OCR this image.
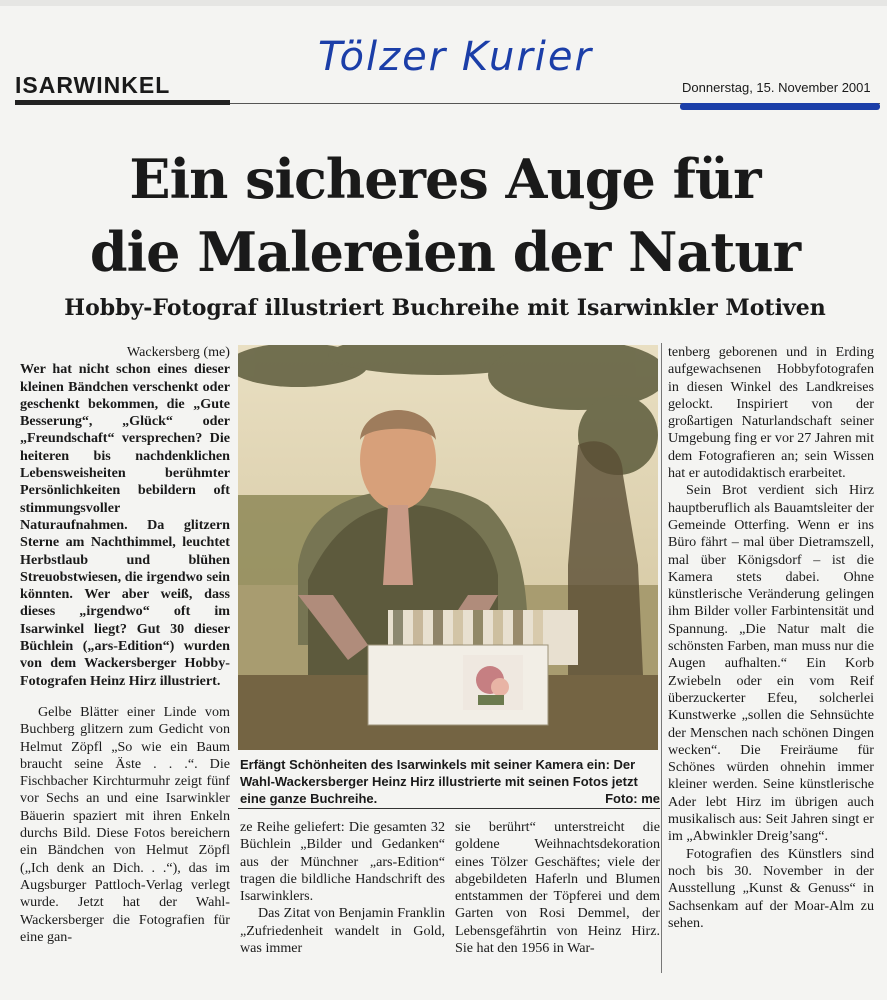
ISARWINKEL
Tölzer Kurier
Donnerstag, 15. November 2001
Ein sicheres Auge für
die Malereien der Natur
Hobby-Fotograf illustriert Buchreihe mit Isarwinkler Motiven
Wackersberg (me)

Wer hat nicht schon eines dieser kleinen Bändchen verschenkt oder geschenkt bekommen, die „Gute Besserung“, „Glück“ oder „Freundschaft“ versprechen? Die heiteren bis nachdenklichen Lebensweisheiten berühmter Persönlichkeiten bebildern oft stimmungsvoller Naturaufnahmen. Da glitzern Sterne am Nachthimmel, leuchtet Herbstlaub und blühen Streuobstwiesen, die irgendwo sein könnten. Wer aber weiß, dass dieses „irgendwo“ oft im Isarwinkel liegt? Gut 30 dieser Büchlein („ars-Edition“) wurden von dem Wackersberger Hobby-Fotografen Heinz Hirz illustriert.

Gelbe Blätter einer Linde vom Buchberg glitzern zum Gedicht von Helmut Zöpfl „So wie ein Baum braucht seine Äste . . .“. Die Fischbacher Kirchturmuhr zeigt fünf vor Sechs an und eine Isarwinkler Bäuerin spaziert mit ihren Enkeln durchs Bild. Diese Fotos bereichern ein Bändchen von Helmut Zöpfl („Ich denk an Dich. . .“), das im Augsburger Pattloch-Verlag verlegt wurde. Jetzt hat der Wahl-Wackersberger die Fotografien für eine gan-

Erfängt Schönheiten des Isarwinkels mit seiner Kamera ein: Der Wahl-Wackersberger Heinz Hirz illustrierte mit seinen Fotos jetzt eine ganze Buchreihe.	Foto: me

ze Reihe geliefert: Die gesamten 32 Büchlein „Bilder und Gedanken“ aus der Münchner „ars-Edition“ tragen die bildliche Handschrift des Isarwinklers.

Das Zitat von Benjamin Franklin „Zufriedenheit wandelt in Gold, was immer

sie berührt“ unterstreicht die goldene Weihnachtsdekoration eines Tölzer Geschäftes; viele der abgebildeten Haferln und Blumen entstammen der Töpferei und dem Garten von Rosi Demmel, der Lebensgefährtin von Heinz Hirz. Sie hat den 1956 in War-

tenberg geborenen und in Erding aufgewachsenen Hobbyfotografen in diesen Winkel des Landkreises gelockt. Inspiriert von der großartigen Naturlandschaft seiner Umgebung fing er vor 27 Jahren mit dem Fotografieren an; sein Wissen hat er autodidaktisch erarbeitet.

Sein Brot verdient sich Hirz hauptberuflich als Bauamtsleiter der Gemeinde Otterfing. Wenn er ins Büro fährt – mal über Dietramszell, mal über Königsdorf – ist die Kamera stets dabei. Ohne künstlerische Veränderung gelingen ihm Bilder voller Farbintensität und Spannung. „Die Natur malt die schönsten Farben, man muss nur die Augen aufhalten.“ Ein Korb Zwiebeln oder ein vom Reif überzuckerter Efeu, solcherlei Kunstwerke „sollen die Sehnsüchte der Menschen nach schönen Dingen wecken“. Die Freiräume für Schönes würden ohnehin immer kleiner werden. Seine künstlerische Ader lebt Hirz im übrigen auch musikalisch aus: Seit Jahren singt er im „Abwinkler Dreig’sang“.

Fotografien des Künstlers sind noch bis 30. November in der Ausstellung „Kunst & Genuss“ in Sachsenkam auf der Moar-Alm zu sehen.
